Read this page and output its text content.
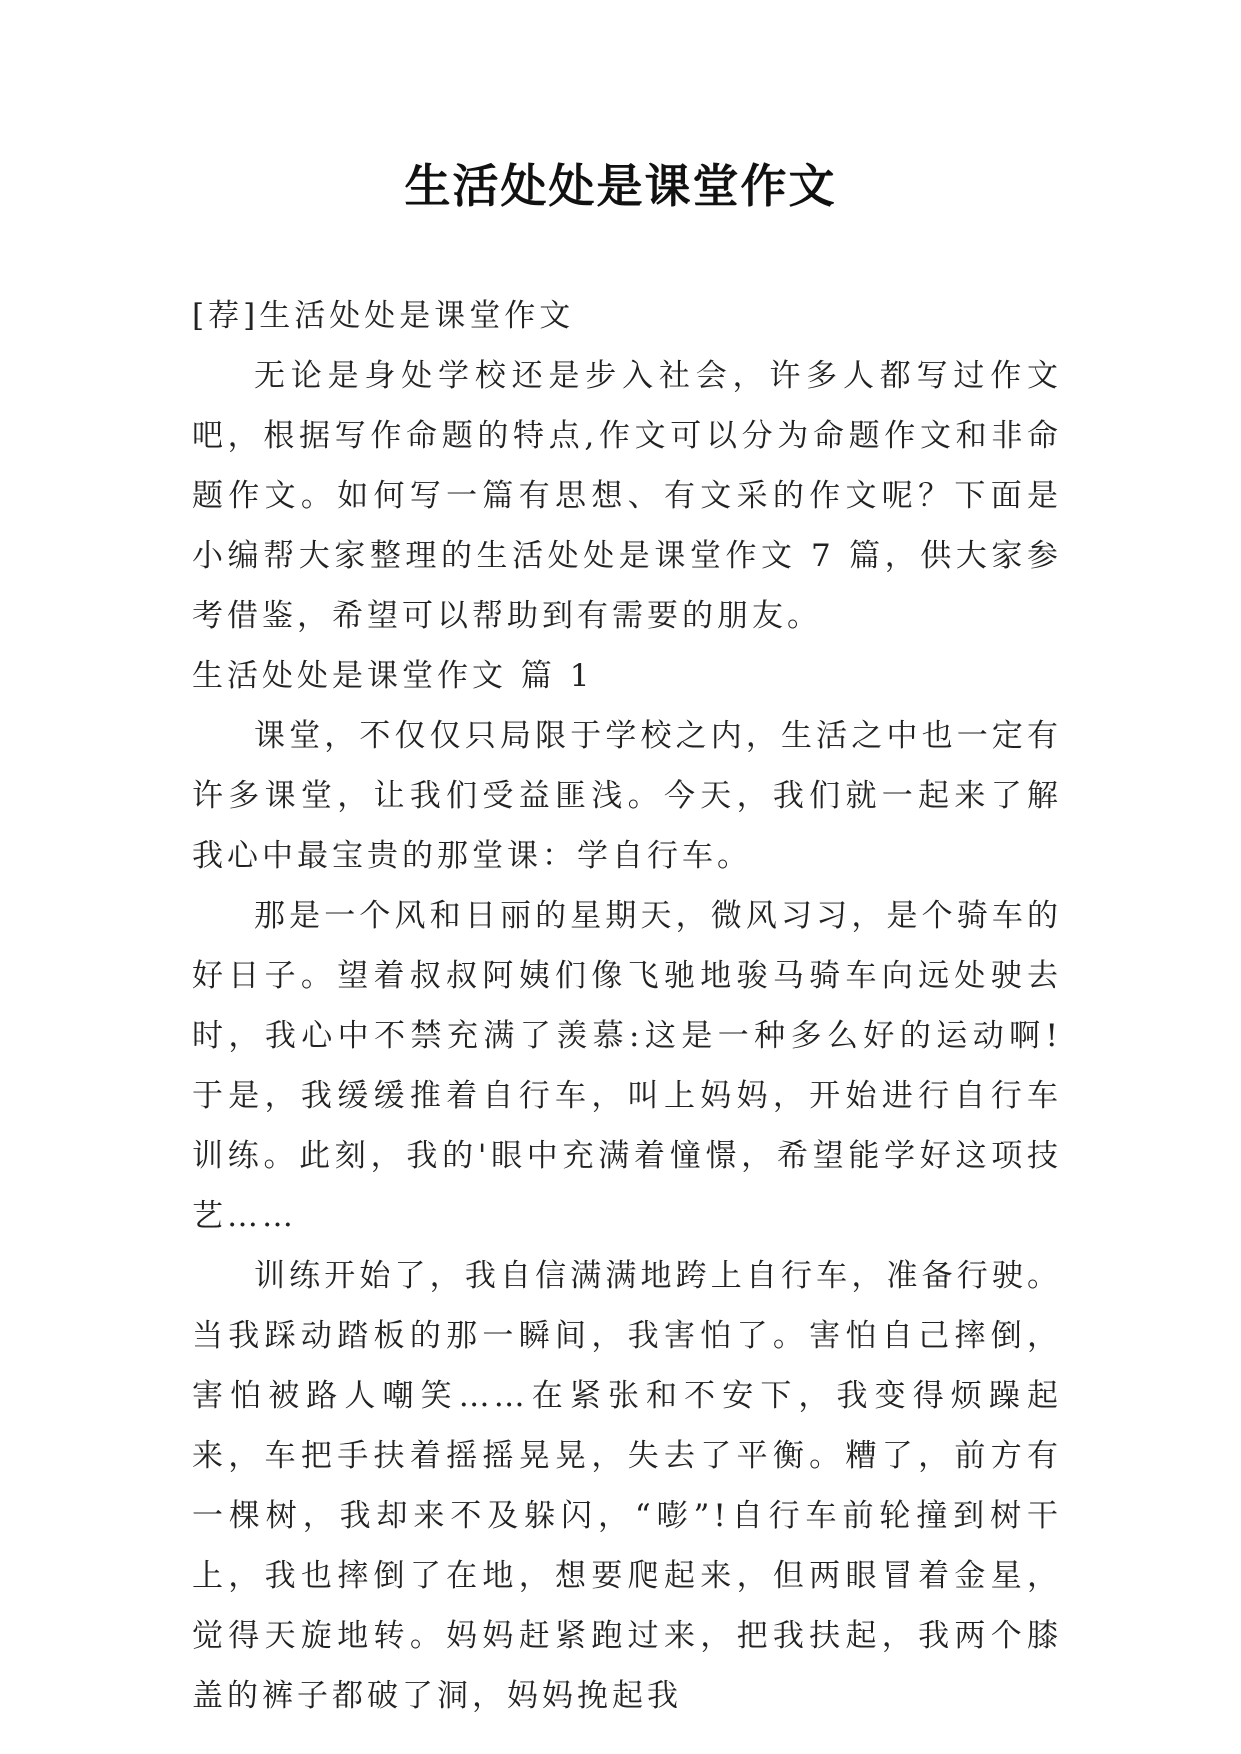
生活处处是课堂作文

[荐]生活处处是课堂作文

无论是身处学校还是步入社会，许多人都写过作文吧，根据写作命题的特点,作文可以分为命题作文和非命题作文。如何写一篇有思想、有文采的作文呢？下面是小编帮大家整理的生活处处是课堂作文 7 篇，供大家参考借鉴，希望可以帮助到有需要的朋友。

生活处处是课堂作文 篇 1

课堂，不仅仅只局限于学校之内，生活之中也一定有许多课堂，让我们受益匪浅。今天，我们就一起来了解我心中最宝贵的那堂课：学自行车。

那是一个风和日丽的星期天，微风习习，是个骑车的好日子。望着叔叔阿姨们像飞驰地骏马骑车向远处驶去时，我心中不禁充满了羡慕:这是一种多么好的运动啊!于是，我缓缓推着自行车，叫上妈妈，开始进行自行车训练。此刻，我的'眼中充满着憧憬，希望能学好这项技艺……

训练开始了，我自信满满地跨上自行车，准备行驶。当我踩动踏板的那一瞬间，我害怕了。害怕自己摔倒，害怕被路人嘲笑……在紧张和不安下，我变得烦躁起来，车把手扶着摇摇晃晃，失去了平衡。糟了，前方有一棵树，我却来不及躲闪，“嘭”!自行车前轮撞到树干上，我也摔倒了在地，想要爬起来，但两眼冒着金星，觉得天旋地转。妈妈赶紧跑过来，把我扶起，我两个膝盖的裤子都破了洞，妈妈挽起我
